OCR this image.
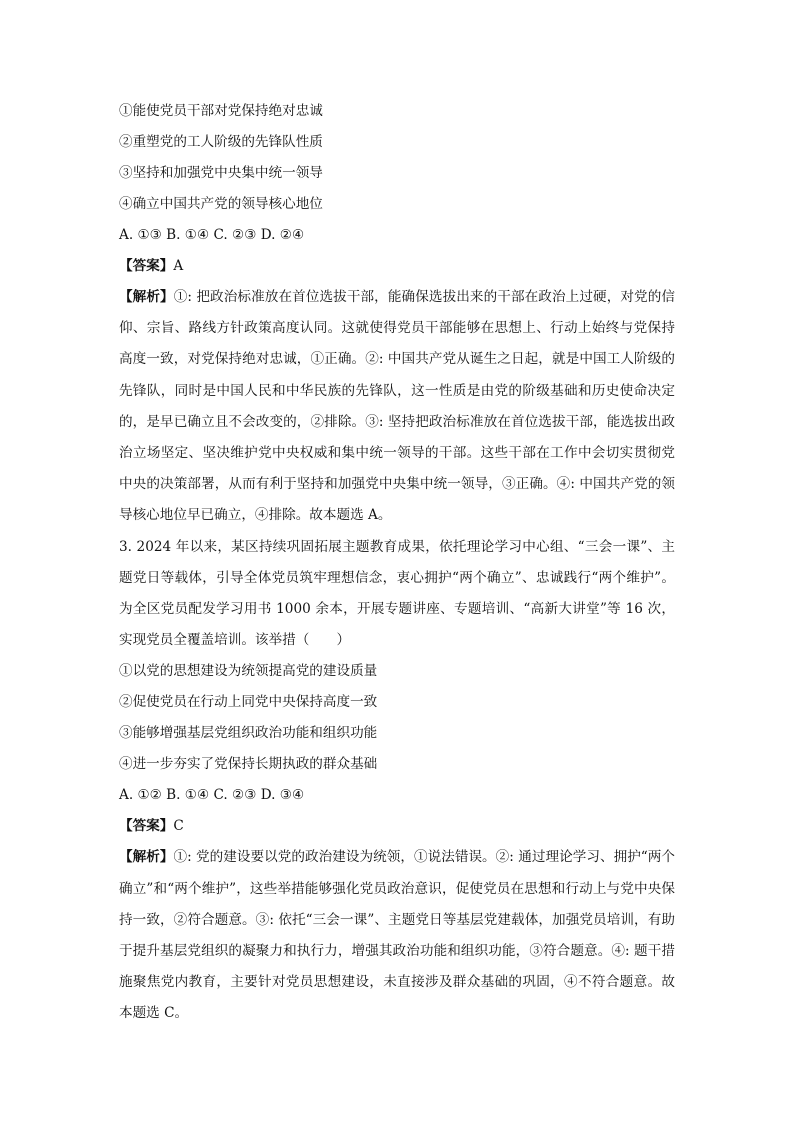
①能使党员干部对党保持绝对忠诚
②重塑党的工人阶级的先锋队性质
③坚持和加强党中央集中统一领导
④确立中国共产党的领导核心地位
A. ①③ B. ①④ C. ②③ D. ②④
【答案】A

【解析】①: 把政治标准放在首位选拔干部，能确保选拔出来的干部在政治上过硬，对党的信仰、宗旨、路线方针政策高度认同。这就使得党员干部能够在思想上、行动上始终与党保持高度一致，对党保持绝对忠诚，①正确。②: 中国共产党从诞生之日起，就是中国工人阶级的先锋队，同时是中国人民和中华民族的先锋队，这一性质是由党的阶级基础和历史使命决定的，是早已确立且不会改变的，②排除。③: 坚持把政治标准放在首位选拔干部，能选拔出政治立场坚定、坚决维护党中央权威和集中统一领导的干部。这些干部在工作中会切实贯彻党中央的决策部署，从而有利于坚持和加强党中央集中统一领导，③正确。④: 中国共产党的领导核心地位早已确立，④排除。故本题选 A。

3. 2024 年以来，某区持续巩固拓展主题教育成果，依托理论学习中心组、“三会一课”、主题党日等载体，引导全体党员筑牢理想信念，衷心拥护“两个确立”、忠诚践行“两个维护”。为全区党员配发学习用书 1000 余本，开展专题讲座、专题培训、“高新大讲堂”等 16 次，实现党员全覆盖培训。该举措（　　）

①以党的思想建设为统领提高党的建设质量
②促使党员在行动上同党中央保持高度一致
③能够增强基层党组织政治功能和组织功能
④进一步夯实了党保持长期执政的群众基础
A. ①② B. ①④ C. ②③ D. ③④
【答案】C

【解析】①: 党的建设要以党的政治建设为统领，①说法错误。②: 通过理论学习、拥护“两个确立”和“两个维护”，这些举措能够强化党员政治意识，促使党员在思想和行动上与党中央保持一致，②符合题意。③: 依托“三会一课”、主题党日等基层党建载体，加强党员培训，有助于提升基层党组织的凝聚力和执行力，增强其政治功能和组织功能，③符合题意。④: 题干措施聚焦党内教育，主要针对党员思想建设，未直接涉及群众基础的巩固，④不符合题意。故本题选 C。
